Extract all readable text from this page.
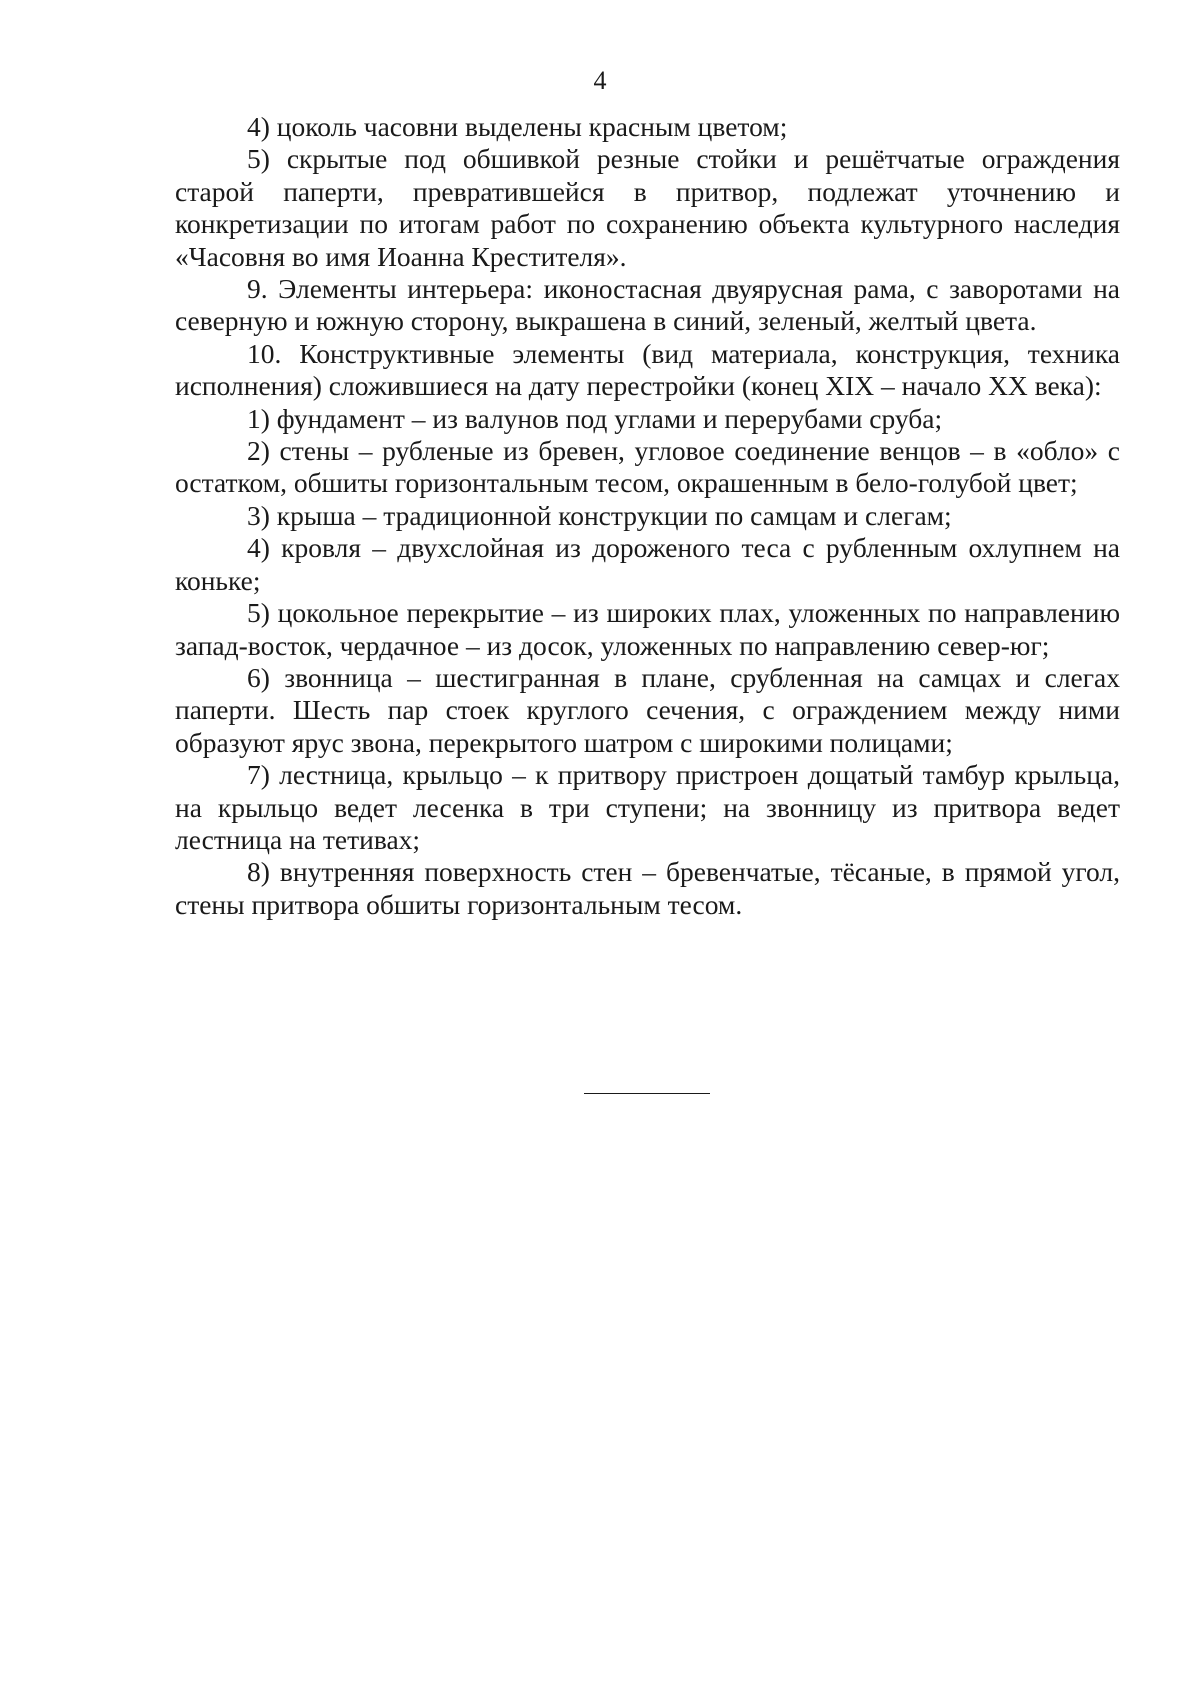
4

4) цоколь часовни выделены красным цветом;

5) скрытые под обшивкой резные стойки и решётчатые ограждения старой паперти, превратившейся в притвор, подлежат уточнению и конкретизации по итогам работ по сохранению объекта культурного наследия «Часовня во имя Иоанна Крестителя».

9. Элементы интерьера: иконостасная двуярусная рама, с заворотами на северную и южную сторону, выкрашена в синий, зеленый, желтый цвета.

10. Конструктивные элементы (вид материала, конструкция, техника исполнения) сложившиеся на дату перестройки (конец XIX – начало XX века):

1) фундамент – из валунов под углами и перерубами сруба;

2) стены – рубленые из бревен, угловое соединение венцов – в «обло» с остатком, обшиты горизонтальным тесом, окрашенным в бело-голубой цвет;

3) крыша – традиционной конструкции по самцам и слегам;

4) кровля – двухслойная из дороженого теса с рубленным охлупнем на коньке;

5) цокольное перекрытие – из широких плах, уложенных по направлению запад-восток, чердачное – из досок, уложенных по направлению север-юг;

6) звонница – шестигранная в плане, срубленная на самцах и слегах паперти. Шесть пар стоек круглого сечения, с ограждением между ними образуют ярус звона, перекрытого шатром с широкими полицами;

7) лестница, крыльцо – к притвору пристроен дощатый тамбур крыльца, на крыльцо ведет лесенка в три ступени; на звонницу из притвора ведет лестница на тетивах;

8) внутренняя поверхность стен – бревенчатые, тёсаные, в прямой угол, стены притвора обшиты горизонтальным тесом.
